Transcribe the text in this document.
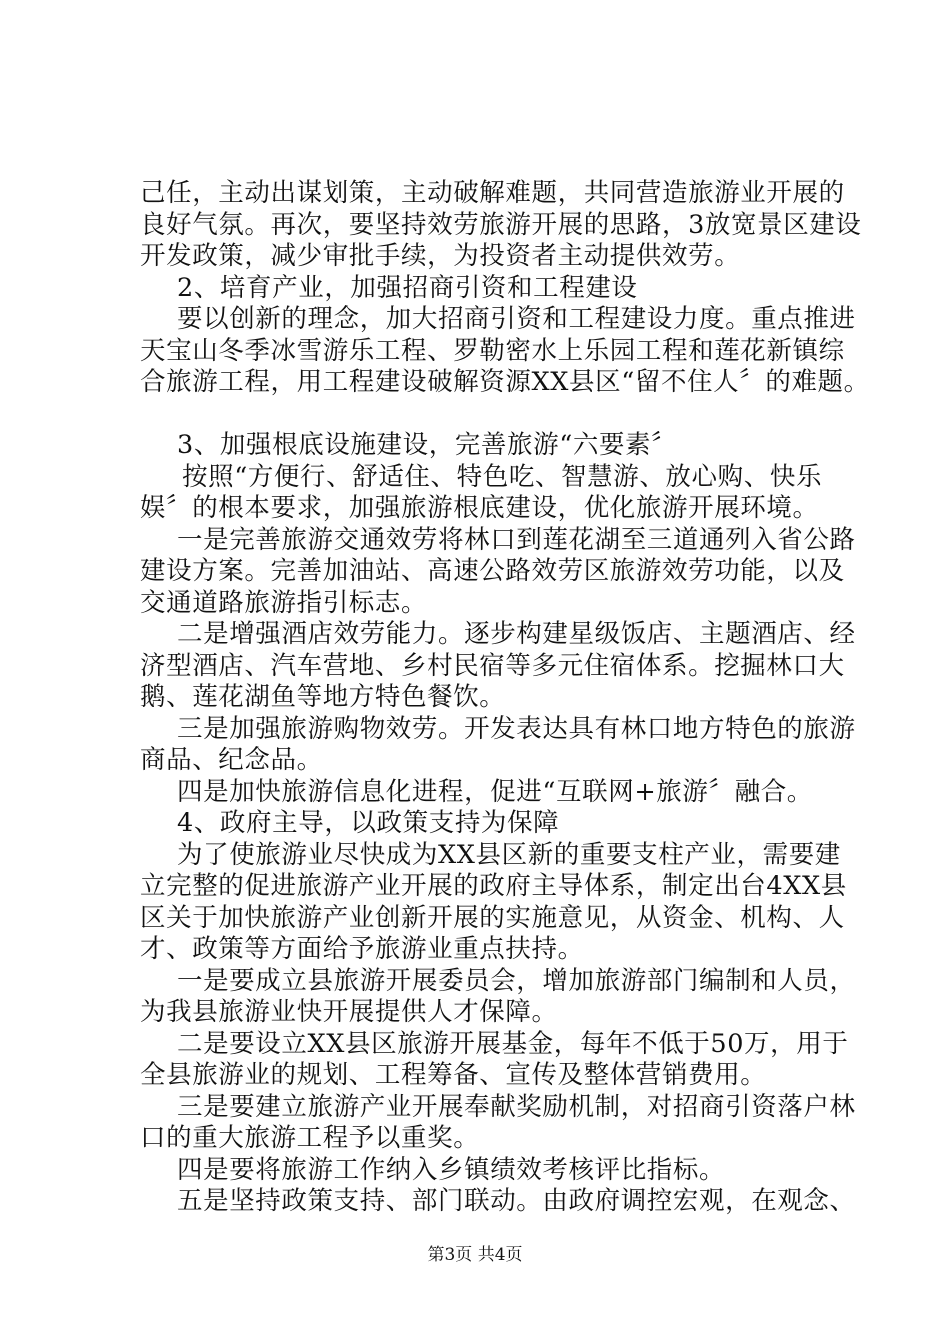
己任，主动出谋划策，主动破解难题，共同营造旅游业开展的
良好气氛。再次，要坚持效劳旅游开展的思路，3放宽景区建设
开发政策，减少审批手续，为投资者主动提供效劳。
2、培育产业，加强招商引资和工程建设
要以创新的理念，加大招商引资和工程建设力度。重点推进
天宝山冬季冰雪游乐工程、罗勒密水上乐园工程和莲花新镇综
合旅游工程，用工程建设破解资源XX县区“留不住人〞的难题。
3、加强根底设施建设，完善旅游“六要素〞
按照“方便行、舒适住、特色吃、智慧游、放心购、快乐
娱〞的根本要求，加强旅游根底建设，优化旅游开展环境。
一是完善旅游交通效劳将林口到莲花湖至三道通列入省公路
建设方案。完善加油站、高速公路效劳区旅游效劳功能，以及
交通道路旅游指引标志。
二是增强酒店效劳能力。逐步构建星级饭店、主题酒店、经
济型酒店、汽车营地、乡村民宿等多元住宿体系。挖掘林口大
鹅、莲花湖鱼等地方特色餐饮。
三是加强旅游购物效劳。开发表达具有林口地方特色的旅游
商品、纪念品。
四是加快旅游信息化进程，促进“互联网+旅游〞融合。
4、政府主导，以政策支持为保障
为了使旅游业尽快成为XX县区新的重要支柱产业，需要建
立完整的促进旅游产业开展的政府主导体系，制定出台4XX县
区关于加快旅游产业创新开展的实施意见，从资金、机构、人
才、政策等方面给予旅游业重点扶持。
一是要成立县旅游开展委员会，增加旅游部门编制和人员，
为我县旅游业快开展提供人才保障。
二是要设立XX县区旅游开展基金，每年不低于50万，用于
全县旅游业的规划、工程筹备、宣传及整体营销费用。
三是要建立旅游产业开展奉献奖励机制，对招商引资落户林
口的重大旅游工程予以重奖。
四是要将旅游工作纳入乡镇绩效考核评比指标。
五是坚持政策支持、部门联动。由政府调控宏观，在观念、
第3页 共4页
